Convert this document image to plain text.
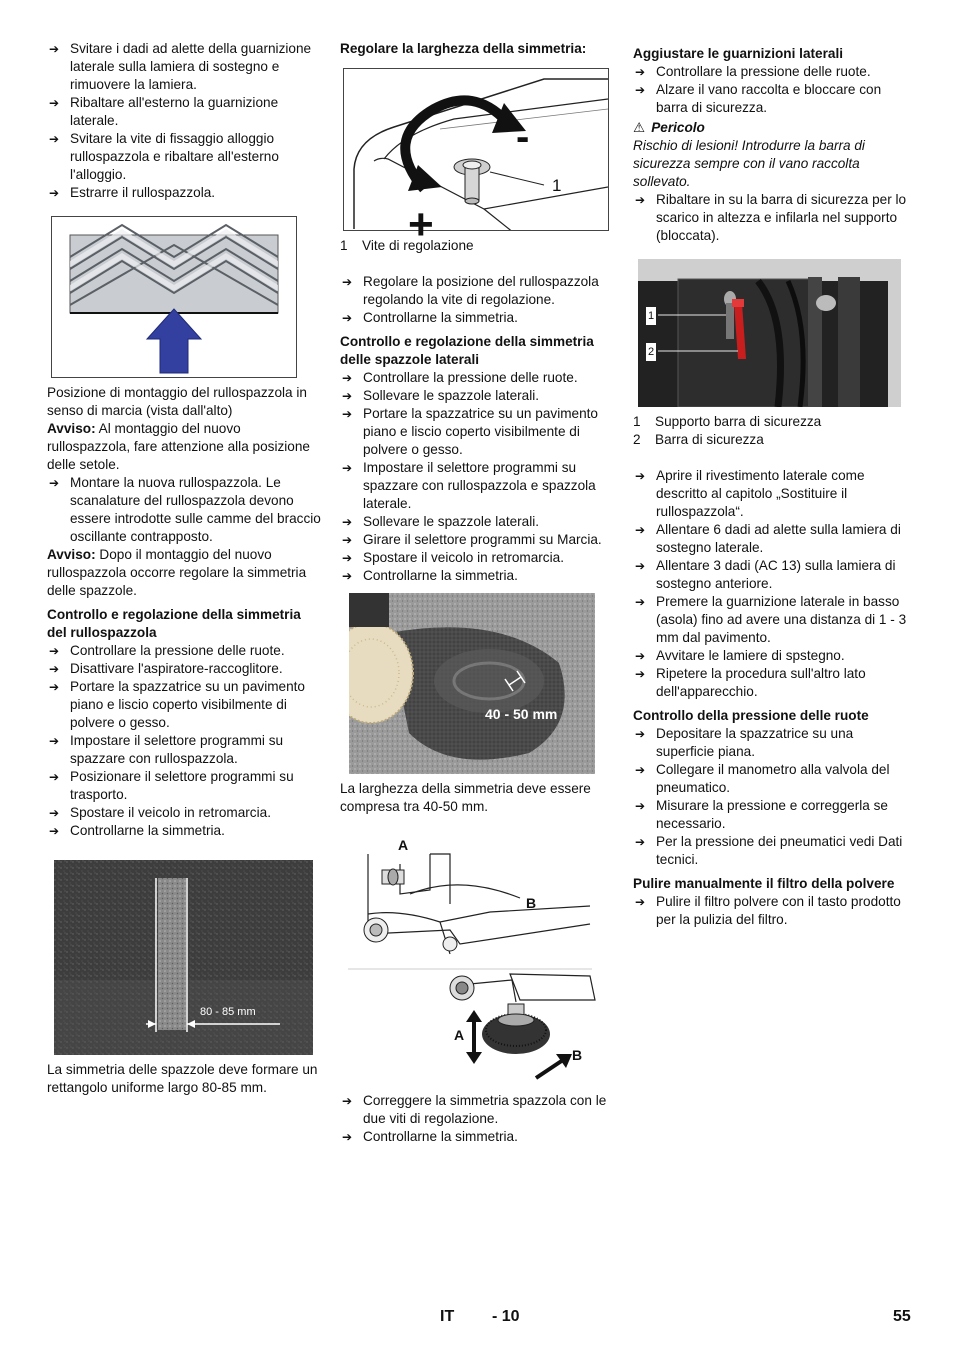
➔ Svitare i dadi ad alette della guarnizione laterale sulla lamiera di sostegno e rimuovere la lamiera.
➔ Ribaltare all'esterno la guarnizione laterale.
➔ Svitare la vite di fissaggio alloggio rullospazzola e ribaltare all'esterno l'alloggio.
➔ Estrarre il rullospazzola.

Posizione di montaggio del rullospazzola in senso di marcia (vista dall'alto)

Avviso: Al montaggio del nuovo rullospazzola, fare attenzione alla posizione delle setole.

➔ Montare la nuova rullospazzola. Le scanalature del rullospazzola devono essere introdotte sulle camme del braccio oscillante contrapposto.

Avviso: Dopo il montaggio del nuovo rullospazzola occorre regolare la simmetria delle spazzole.

Controllo e regolazione della simmetria del rullospazzola

➔ Controllare la pressione delle ruote.
➔ Disattivare l'aspiratore-raccoglitore.
➔ Portare la spazzatrice su un pavimento piano e liscio coperto visibilmente di polvere o gesso.
➔ Impostare il selettore programmi su spazzare con rullospazzola.
➔ Posizionare il selettore programmi su trasporto.
➔ Spostare il veicolo in retromarcia.
➔ Controllarne la simmetria.
80 - 85 mm

La simmetria delle spazzole deve formare un rettangolo uniforme largo 80-85 mm.

Regolare la larghezza della simmetria:

-
+
1
1 Vite di regolazione
➔ Regolare la posizione del rullospazzola regolando la vite di regolazione.
➔ Controllarne la simmetria.

Controllo e regolazione della simmetria delle spazzole laterali

➔ Controllare la pressione delle ruote.
➔ Sollevare le spazzole laterali.
➔ Portare la spazzatrice su un pavimento piano e liscio coperto visibilmente di polvere o gesso.
➔ Impostare il selettore programmi su spazzare con rullospazzola e spazzola laterale.
➔ Sollevare le spazzole laterali.
➔ Girare il selettore programmi su Marcia.
➔ Spostare il veicolo in retromarcia.
➔ Controllarne la simmetria.
40 - 50 mm

La larghezza della simmetria deve essere compresa tra 40-50 mm.

A
B
A
B
➔ Correggere la simmetria spazzola con le due viti di regolazione.
➔ Controllarne la simmetria.

Aggiustare le guarnizioni laterali

➔ Controllare la pressione delle ruote.
➔ Alzare il vano raccolta e bloccare con barra di sicurezza.
⚠ Pericolo

Rischio di lesioni! Introdurre la barra di sicurezza sempre con il vano raccolta sollevato.

➔ Ribaltare in su la barra di sicurezza per lo scarico in altezza e infilarla nel supporto (bloccata).
1
2
1 Supporto barra di sicurezza
2 Barra di sicurezza
➔ Aprire il rivestimento laterale come descritto al capitolo „Sostituire il rullospazzola“.
➔ Allentare 6 dadi ad alette sulla lamiera di sostegno laterale.
➔ Allentare 3 dadi (AC 13) sulla lamiera di sostegno anteriore.
➔ Premere la guarnizione laterale in basso (asola) fino ad avere una distanza di 1 - 3 mm dal pavimento.
➔ Avvitare le lamiere di spstegno.
➔ Ripetere la procedura sull'altro lato dell'apparecchio.

Controllo della pressione delle ruote

➔ Depositare la spazzatrice su una superficie piana.
➔ Collegare il manometro alla valvola del pneumatico.
➔ Misurare la pressione e correggerla se necessario.
➔ Per la pressione dei pneumatici vedi Dati tecnici.

Pulire manualmente il filtro della polvere

➔ Pulire il filtro polvere con il tasto prodotto per la pulizia del filtro.
IT - 10	55
